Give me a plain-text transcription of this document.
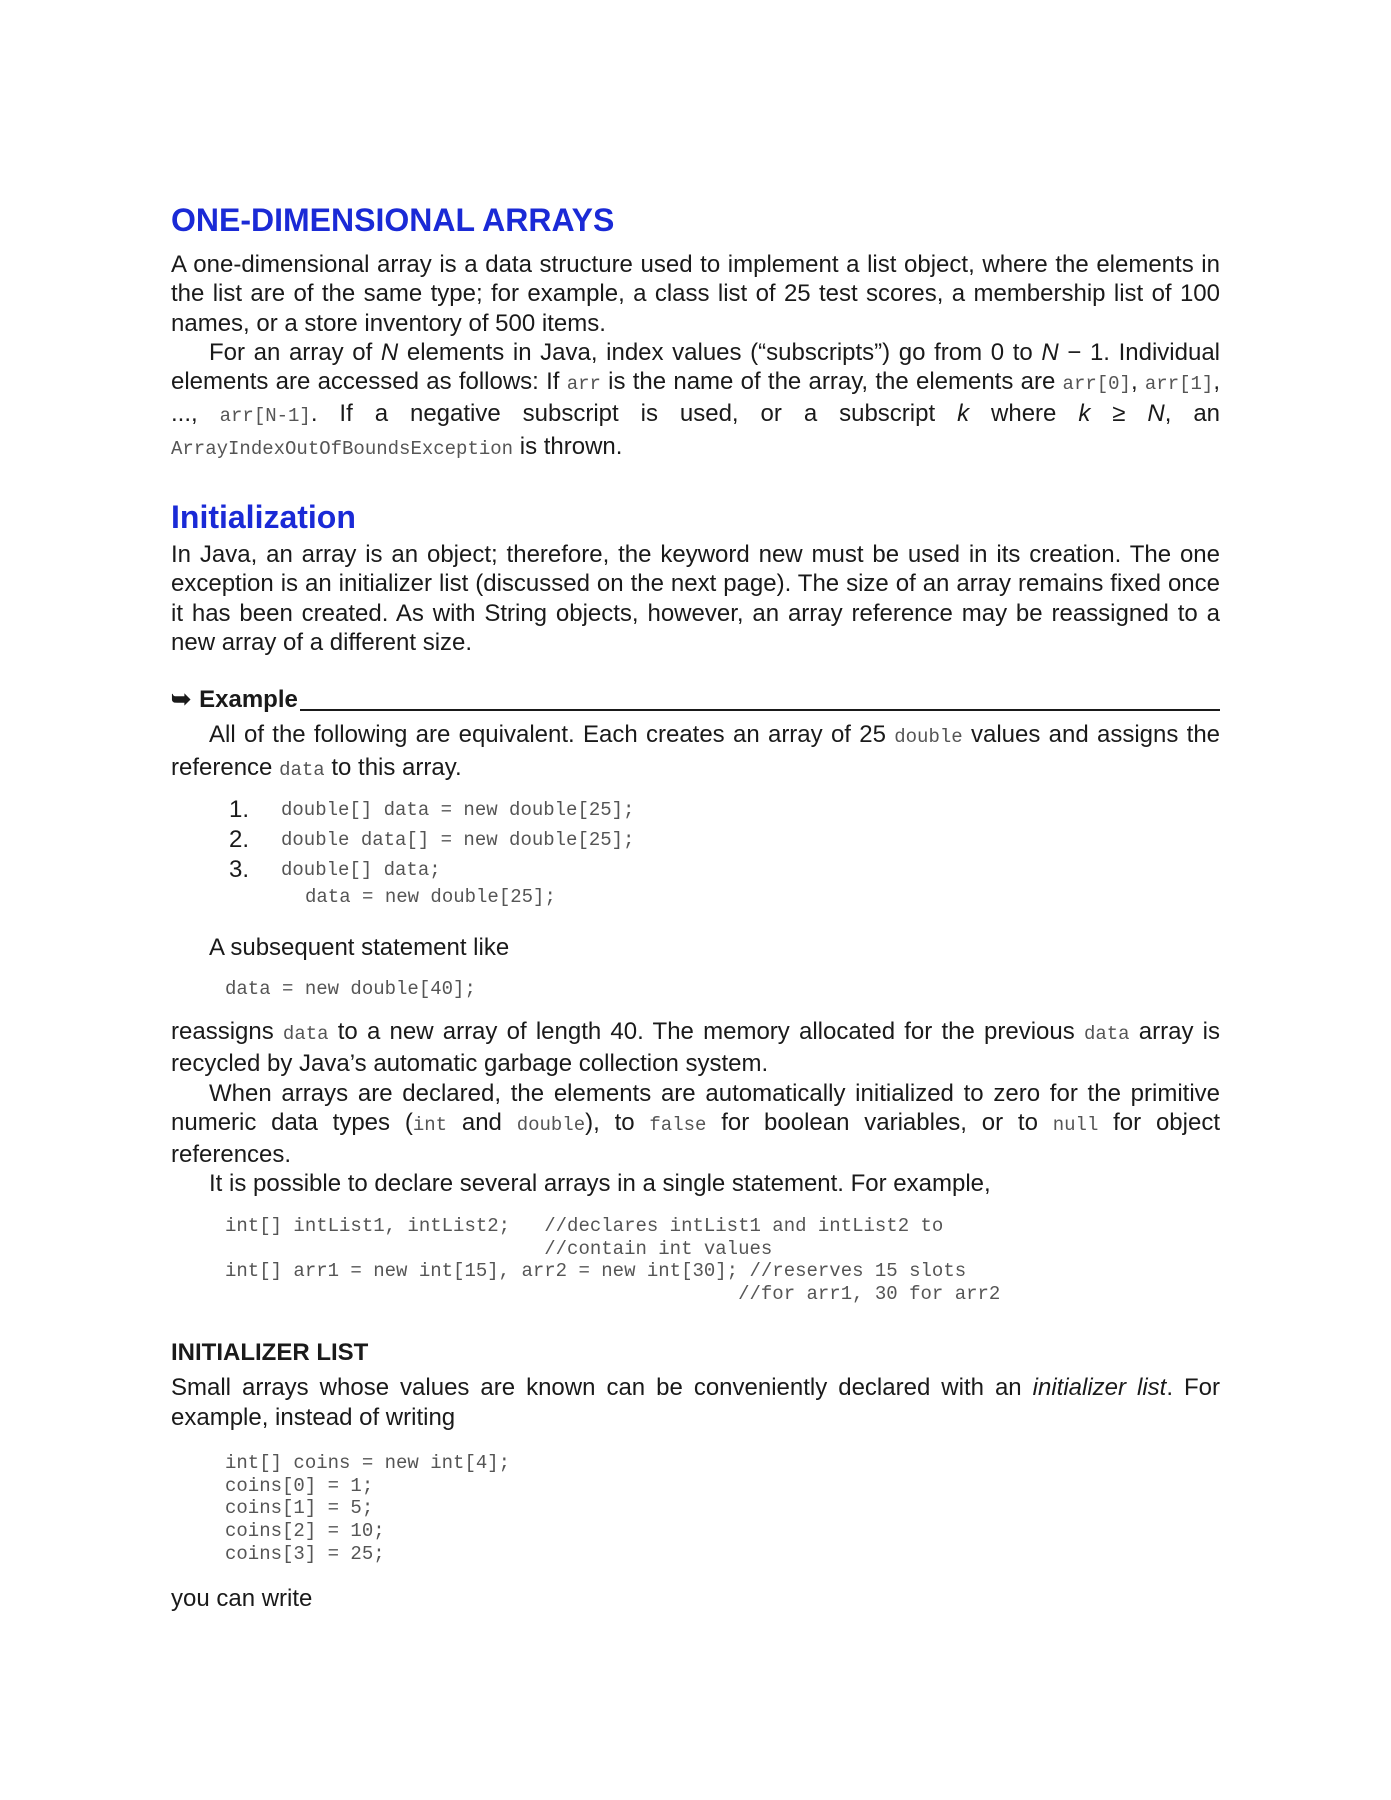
ONE-DIMENSIONAL ARRAYS

A one-dimensional array is a data structure used to implement a list object, where the elements in the list are of the same type; for example, a class list of 25 test scores, a membership list of 100 names, or a store inventory of 500 items.

For an array of N elements in Java, index values (“subscripts”) go from 0 to N − 1. Individual elements are accessed as follows: If arr is the name of the array, the elements are arr[0], arr[1], ..., arr[N-1]. If a negative subscript is used, or a subscript k where k ≥ N, an ArrayIndexOutOfBoundsException is thrown.

Initialization

In Java, an array is an object; therefore, the keyword new must be used in its creation. The one exception is an initializer list (discussed on the next page). The size of an array remains fixed once it has been created. As with String objects, however, an array reference may be reassigned to a new array of a different size.

➥ Example

All of the following are equivalent. Each creates an array of 25 double values and assigns the reference data to this array.

1.	double[] data = new double[25];
2.	double data[] = new double[25];
3.	double[] data;
data = new double[25];

A subsequent statement like

data = new double[40];

reassigns data to a new array of length 40. The memory allocated for the previous data array is recycled by Java’s automatic garbage collection system.

When arrays are declared, the elements are automatically initialized to zero for the primitive numeric data types (int and double), to false for boolean variables, or to null for object references.

It is possible to declare several arrays in a single statement. For example,

int[] intList1, intList2;   //declares intList1 and intList2 to
//contain int values
int[] arr1 = new int[15], arr2 = new int[30]; //reserves 15 slots
//for arr1, 30 for arr2
INITIALIZER LIST

Small arrays whose values are known can be conveniently declared with an initializer list. For example, instead of writing

int[] coins = new int[4];
coins[0] = 1;
coins[1] = 5;
coins[2] = 10;
coins[3] = 25;

you can write
